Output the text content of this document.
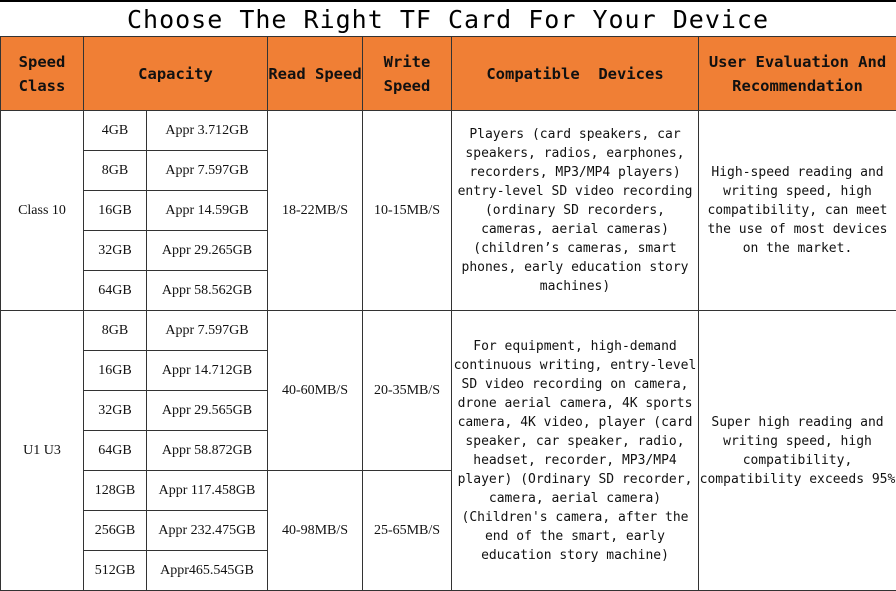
Choose The Right TF Card For Your Device
Speed Class	Capacity		Read Speed	Write Speed	Compatible  Devices	User Evaluation And Recommendation
Class 10	4GB	Appr 3.712GB	18-22MB/S	10-15MB/S	Players (card speakers, car speakers, radios, earphones, recorders, MP3/MP4 players) entry-level SD video recording (ordinary SD recorders, cameras, aerial cameras) (children’s cameras, smart phones, early education story machines)	High-speed reading and writing speed, high compatibility, can meet the use of most devices on the market.
	8GB	Appr 7.597GB				
	16GB	Appr 14.59GB				
	32GB	Appr 29.265GB				
	64GB	Appr 58.562GB				
U1 U3	8GB	Appr 7.597GB	40-60MB/S	20-35MB/S	For equipment, high-demand continuous writing, entry-level SD video recording on camera, drone aerial camera, 4K sports camera, 4K video, player (card speaker, car speaker, radio, headset, recorder, MP3/MP4 player) (Ordinary SD recorder, camera, aerial camera) (Children's camera, after the end of the smart, early education story machine)	Super high reading and writing speed, high compatibility, compatibility exceeds 95%
	16GB	Appr 14.712GB				
	32GB	Appr 29.565GB				
	64GB	Appr 58.872GB				
	128GB	Appr 117.458GB	40-98MB/S	25-65MB/S		
	256GB	Appr 232.475GB				
	512GB	Appr465.545GB				
